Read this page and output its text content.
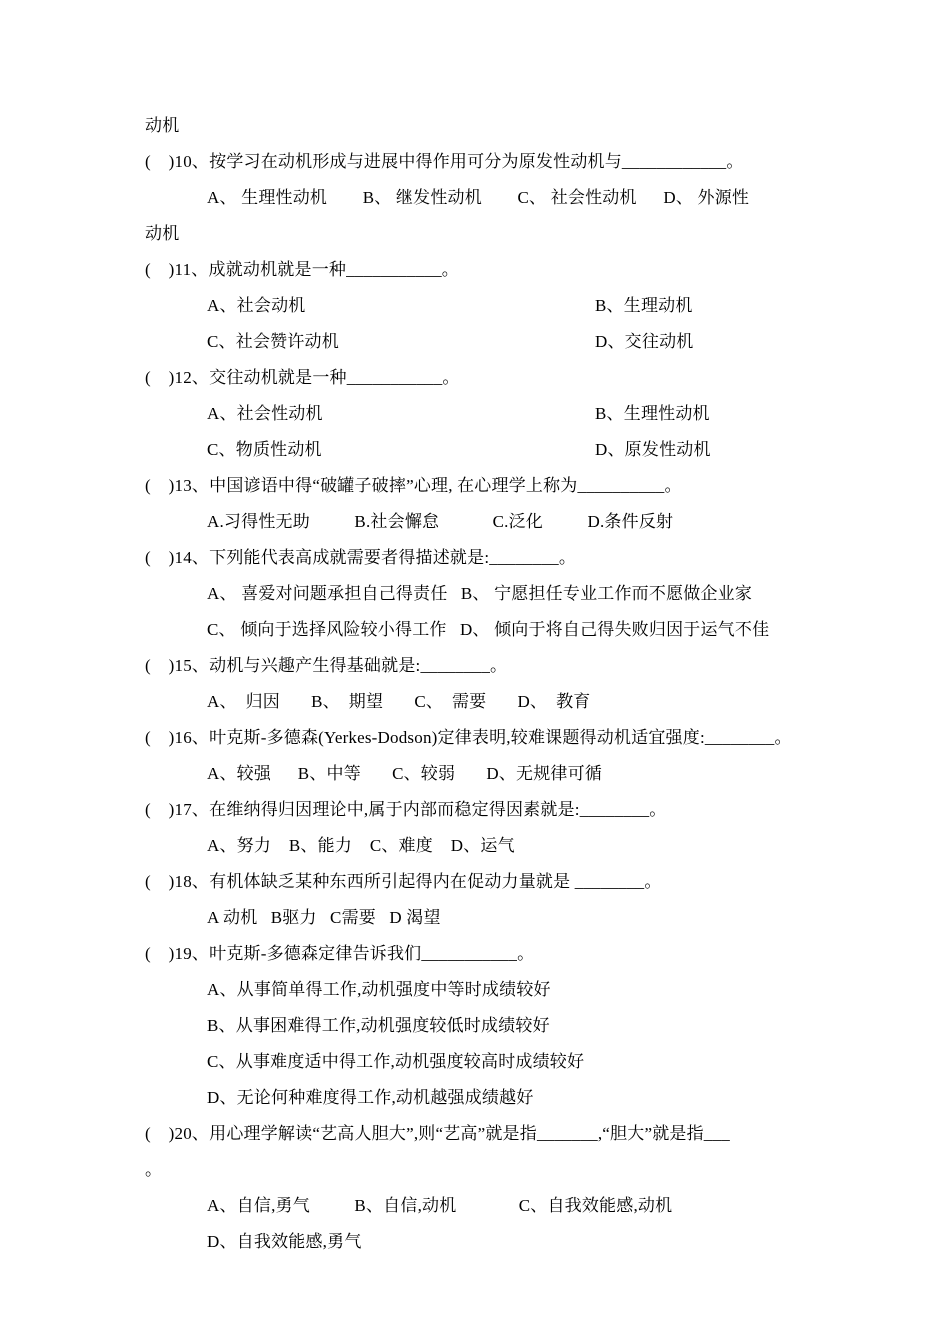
动机
(    )10、按学习在动机形成与进展中得作用可分为原发性动机与____________。
A、 生理性动机        B、 继发性动机        C、 社会性动机      D、 外源性
动机
(    )11、成就动机就是一种___________。
A、社会动机	B、生理动机
C、社会赞许动机	D、交往动机
(    )12、交往动机就是一种___________。
A、社会性动机	B、生理性动机
C、物质性动机	D、原发性动机
(    )13、中国谚语中得“破罐子破摔”心理, 在心理学上称为__________。
A.习得性无助          B.社会懈怠            C.泛化          D.条件反射
(    )14、下列能代表高成就需要者得描述就是:________。
A、 喜爱对问题承担自己得责任   B、 宁愿担任专业工作而不愿做企业家
C、 倾向于选择风险较小得工作   D、 倾向于将自己得失败归因于运气不佳
(    )15、动机与兴趣产生得基础就是:________。
A、  归因       B、  期望       C、  需要       D、  教育
(    )16、叶克斯-多德森(Yerkes-Dodson)定律表明,较难课题得动机适宜强度:________。
A、较强      B、中等       C、较弱       D、无规律可循
(    )17、在维纳得归因理论中,属于内部而稳定得因素就是:________。
A、努力    B、能力    C、难度    D、运气
(    )18、有机体缺乏某种东西所引起得内在促动力量就是 ________。
A 动机   B驱力   C需要   D 渴望
(    )19、叶克斯-多德森定律告诉我们___________。
A、从事简单得工作,动机强度中等时成绩较好
B、从事困难得工作,动机强度较低时成绩较好
C、从事难度适中得工作,动机强度较高时成绩较好
D、无论何种难度得工作,动机越强成绩越好
(    )20、用心理学解读“艺高人胆大”,则“艺高”就是指_______,“胆大”就是指___
。
A、自信,勇气          B、自信,动机              C、自我效能感,动机
D、自我效能感,勇气
